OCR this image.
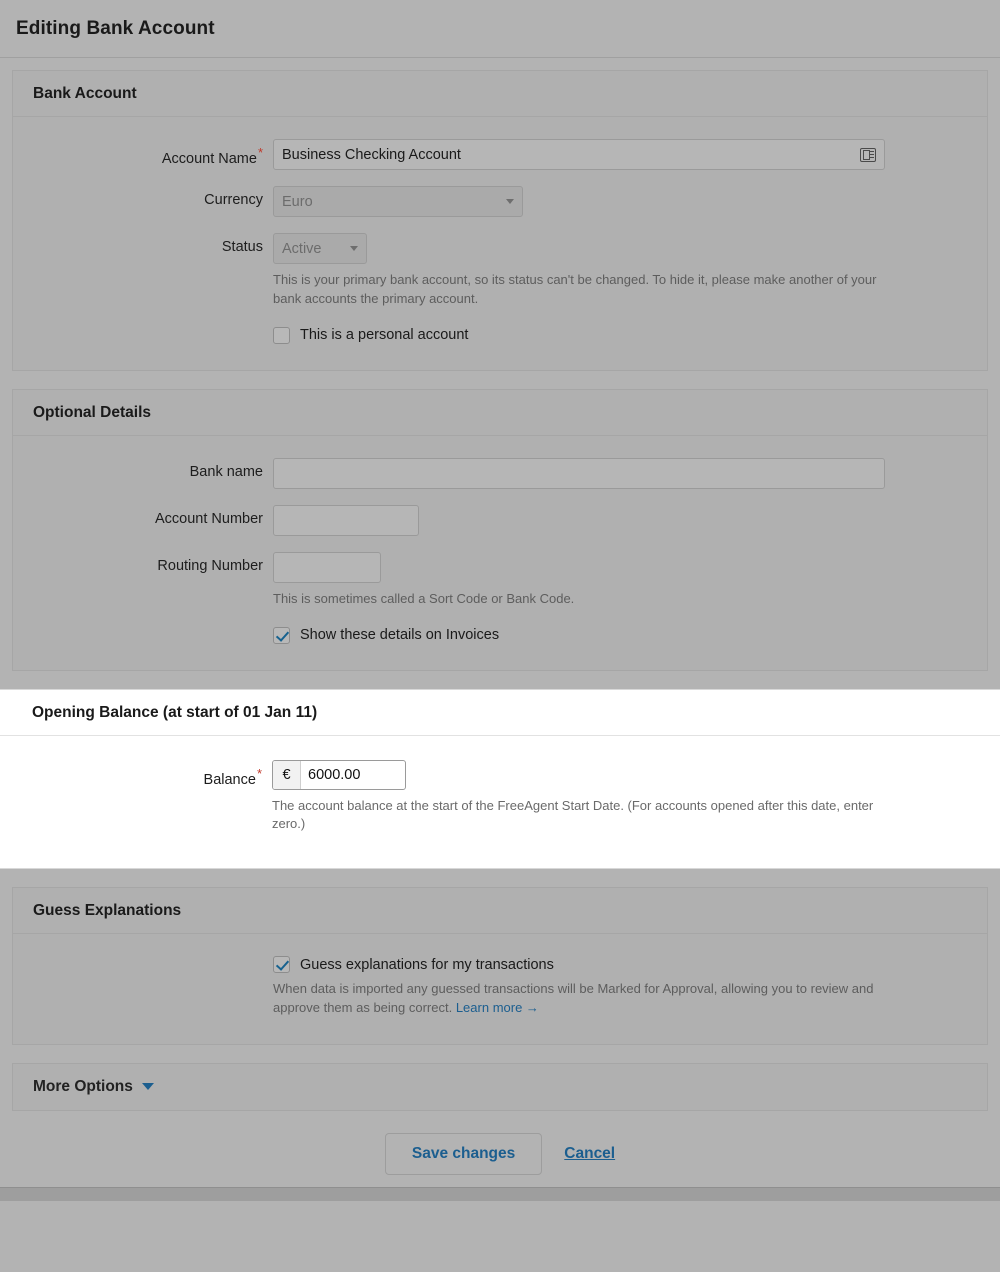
Editing Bank Account
Bank Account
Account Name*	Business Checking Account
Currency	Euro
Status	Active
This is your primary bank account, so its status can't be changed. To hide it, please make another of your bank accounts the primary account.
This is a personal account
Optional Details
Bank name
Account Number
Routing Number
This is sometimes called a Sort Code or Bank Code.
Show these details on Invoices
Opening Balance (at start of 01 Jan 11)
Balance*	€	6000.00
The account balance at the start of the FreeAgent Start Date. (For accounts opened after this date, enter zero.)
Guess Explanations
Guess explanations for my transactions
When data is imported any guessed transactions will be Marked for Approval, allowing you to review and approve them as being correct. Learn more →
More Options
Save changes	Cancel
